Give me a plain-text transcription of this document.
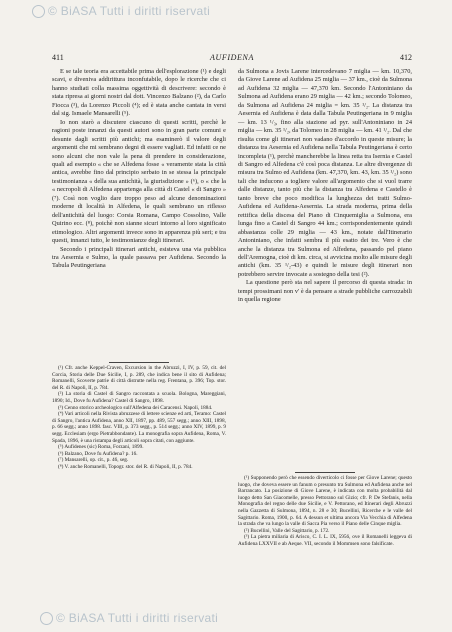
© BiASA Tutti i diritti riservati
411	AUFIDENA	412

E se tale teoria era accettabile prima dell'esplorazione (¹) e degli scavi, e diveniva addirittura inconfutabile, dopo le ricerche che ci hanno studiati colla massima oggettività di descrivere: secondo è stata ripresa ai giorni nostri dal dott. Vincenzo Balzano (²), da Carlo Fiocca (³), da Lorenzo Piccoli (⁴); ed è stata anche cantata in versi dal sig. Ismaele Mansarelli (⁵).

Io non starò a discutere ciascuno di questi scritti, perchè le ragioni poste innanzi da questi autori sono in gran parte comuni e desunte dagli scritti più antichi; ma esaminerò il valore degli argomenti che mi sembrano degni di essere vagliati. Ed infatti ce ne sono alcuni che non vale la pena di prendere in considerazione, quali ad esempio « che se Alfedena fosse « veramente stata la città antica, avrebbe fino dal principio serbato in se stessa la principale testimonianza « della sua antichità, la giurisdizione » (⁶), o « che la « necropoli di Alfedena appartenga alla città di Castel « di Sangro » (⁷). Così non voglio dare troppo peso ad alcune denominazioni moderne di località in Alfedena, le quali sembrano un riflesso dell'antichità del luogo: Corsia Romana, Campo Cossolino, Valle Quirino ecc. (⁸), poichè non sianne sicuri intorno al loro significato etimologico. Altri argomenti invece sono in apparenza più seri; e tra questi, innanzi tutto, le testimonianze degli itinerari.

Secondo i principali itinerari antichi, esisteva una via pubblica tra Aesernia e Sulmo, la quale passava per Aufidena. Secondo la Tabula Peutingeriana

(¹) Cfr. anche Keppel-Craven, Excursion in the Abruzzi, I, IV, p. 59, cit. del Corcia, Storia delle Due Sicilie, I, p. 289, che indica bene il sito di Aufidena; Romanelli, Scoverte patrie di città distrutte nella reg. Frentana, p. 396; Top. stor. del R. di Napoli, II, p. 784.

(²) La storia di Castel di Sangro raccontata a scuola. Bologna, Mareggiani, 1890; Id., Dove fu Aufidena? Castel di Sangro, 1898.

(³) Cenno storico archeologico sull'Alfedena dei Caracensi. Napoli, 1884.

(⁴) Vari articoli nella Rivista abruzzese di lettere scienze ed arti, Teramo: Castel di Sangro, l'antica Aufidena, anno XII, 1897, pp. 489, 557 segg.; anno XIII, 1898, p. 66 segg.; anno 1898. fasc. VIII, p. 373 segg., p. 514 segg.; anno XIV, 1899, p. 9 segg. Ecclesiam (ergo Pietrabbondante). La monografia sopra Aufidena, Roma, V. Spada, 1896, è una ristampa degli articoli sopra citati, con aggiunte.

(⁵) Aufidenes (sic) Roma, Forzani, 1899.

(⁶) Balzano, Dove fu Aufidena? p. 16.

(⁷) Mansarelli, op. cit., p. 46, seg.

(⁸) V. anche Romanelli, Topogr. stor. del R. di Napoli, II, p. 784.

da Sulmona a Jovis Larene intercedevano 7 miglia — km. 10,370, da Giove Larene ad Aufidena 25 miglia — 37 km., cioè da Sulmona ad Aufidena 32 miglia — 47,370 km. Secondo l'Antoniniano da Sulmona ad Aufidena erano 29 miglia — 42 km.; secondo Tolomeo, da Sulmona ad Aufidena 24 miglia = km. 35 ¹/₂. La distanza tra Aesernia ed Aufidena è data dalla Tabula Peutingeriana in 9 miglia — km. 13 ¹/₃, fino alla stazione ad pyr. sull'Antoniniano in 24 miglia — km. 35 ¹/₂, da Tolomeo in 28 miglia — km. 41 ¹/₂. Dal che risulta come gli itinerari non vadano d'accordo in queste misure; la distanza tra Aesernia ed Aufidena nella Tabula Peutingeriana è certo incompleta (¹), perchè mancherebbe la linea retta tra Isernia e Castel di Sangro ed Alfedena c'è così poca distanza. Le altre divergenze di misura tra Sulmo ed Aufidena (km. 47,370, km. 43, km. 35 ¹/₂) sono tali che inducono a togliere valore all'argomento che si vuol trarre dalle distanze, tanto più che la distanza tra Alfedena e Castello è tanto breve che poco modifica la lunghezza dei tratti Sulmo-Aufidena ed Aufidena-Aesernia. La strada moderna, prima della rettifica della discesa del Piano di Cinquemiglia a Sulmona, era lunga fino a Castel di Sangro 44 km.; corrispondentemente quindi abbastanza colle 29 miglia — 43 km., notate dall'Itinerario Antoniniano, che infatti sembra il più esatto dei tre. Vero è che anche la distanza tra Sulmona ed Alfedena, passando pel piano dell'Aremogna, cioè di km. circa, si avvicina molto alle misure degli antichi (km. 35 ¹/₂-43) e quindi le misure degli itinerari non potrebbero servire invocate a sostegno della tesi (²).

La questione però sta nel sapere il percorso di questa strada: in tempi prossimani non v' è da pensare a strade pubbliche carrozzabili in quella regione

(¹) Supponendo però che essendo diverticolo ci fosse per Giove Larene; questo luogo, che doveva essere un fanum o presunto tra Sulmona ed Aufidena anche nel Barrancato. La posizione di Giove Larene, è indicata con molta probabilità dal luogo detto San Giacomelle, presso Pettorano sul Gizio; cfr. P. De Stefanis, nella Monografia del regno delle due Sicilie, e V. Pettorano, ed Itinerari degli Abruzzi nella Gazzetta di Sulmona, 1894, n. 28 e 30; Bucellini, Ricerche e le valle del Sagittario. Roma, 1900, p. 64. A dessun et ultima ancora Via Vecchia di Alfedena la strada che va lungo la valle di Sacca Pia verso il Piano delle Cinque miglia.

(²) Bucellini, Valle del Sagittario, p. 172.

(³) La pietra miliaria di Arisco, C. I. L. IX, 5956, ove il Romanelli leggeva di Aufidena LXXVII e ab Aeque. VII, secondo il Mommsen sono falsificate.

© BiASA Tutti i diritti riservati
